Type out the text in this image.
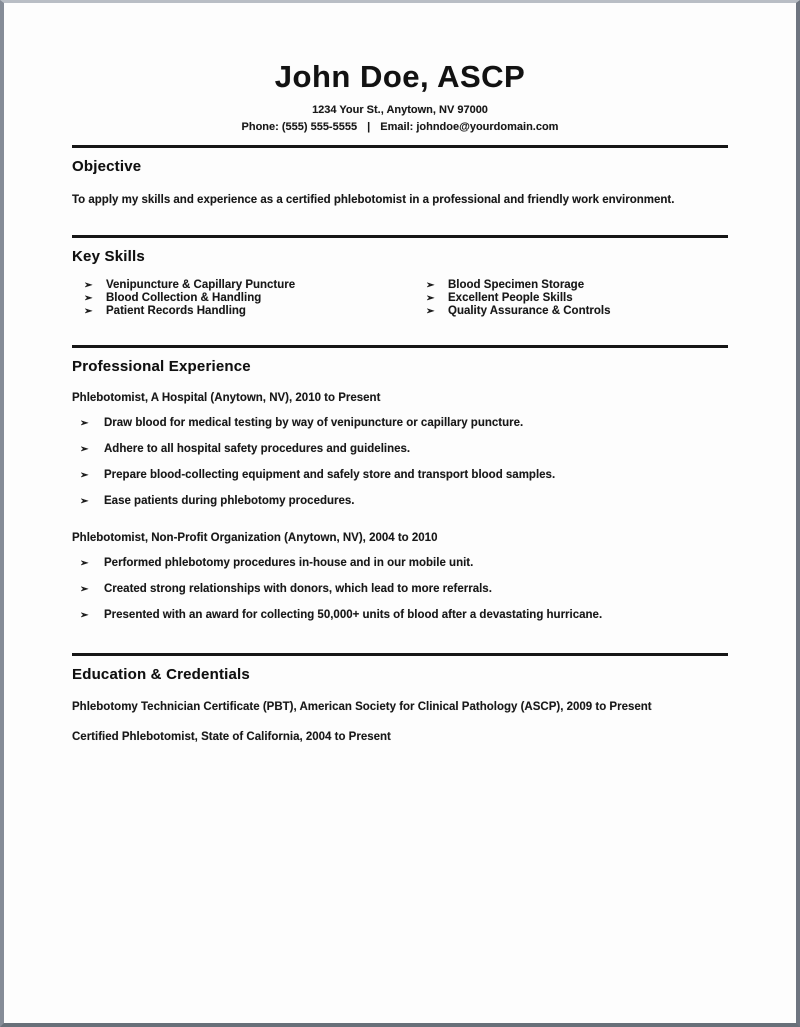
John Doe, ASCP
1234 Your St., Anytown, NV 97000
Phone: (555) 555-5555 | Email: johndoe@yourdomain.com
Objective

To apply my skills and experience as a certified phlebotomist in a professional and friendly work environment.

Key Skills
➢	Venipuncture & Capillary Puncture
➢	Blood Collection & Handling
➢	Patient Records Handling
➢	Blood Specimen Storage
➢	Excellent People Skills
➢	Quality Assurance & Controls
Professional Experience

Phlebotomist, A Hospital (Anytown, NV), 2010 to Present

➢	Draw blood for medical testing by way of venipuncture or capillary puncture.
➢	Adhere to all hospital safety procedures and guidelines.
➢	Prepare blood-collecting equipment and safely store and transport blood samples.
➢	Ease patients during phlebotomy procedures.

Phlebotomist, Non-Profit Organization (Anytown, NV), 2004 to 2010

➢	Performed phlebotomy procedures in-house and in our mobile unit.
➢	Created strong relationships with donors, which lead to more referrals.
➢	Presented with an award for collecting 50,000+ units of blood after a devastating hurricane.
Education & Credentials

Phlebotomy Technician Certificate (PBT), American Society for Clinical Pathology (ASCP), 2009 to Present

Certified Phlebotomist, State of California, 2004 to Present
